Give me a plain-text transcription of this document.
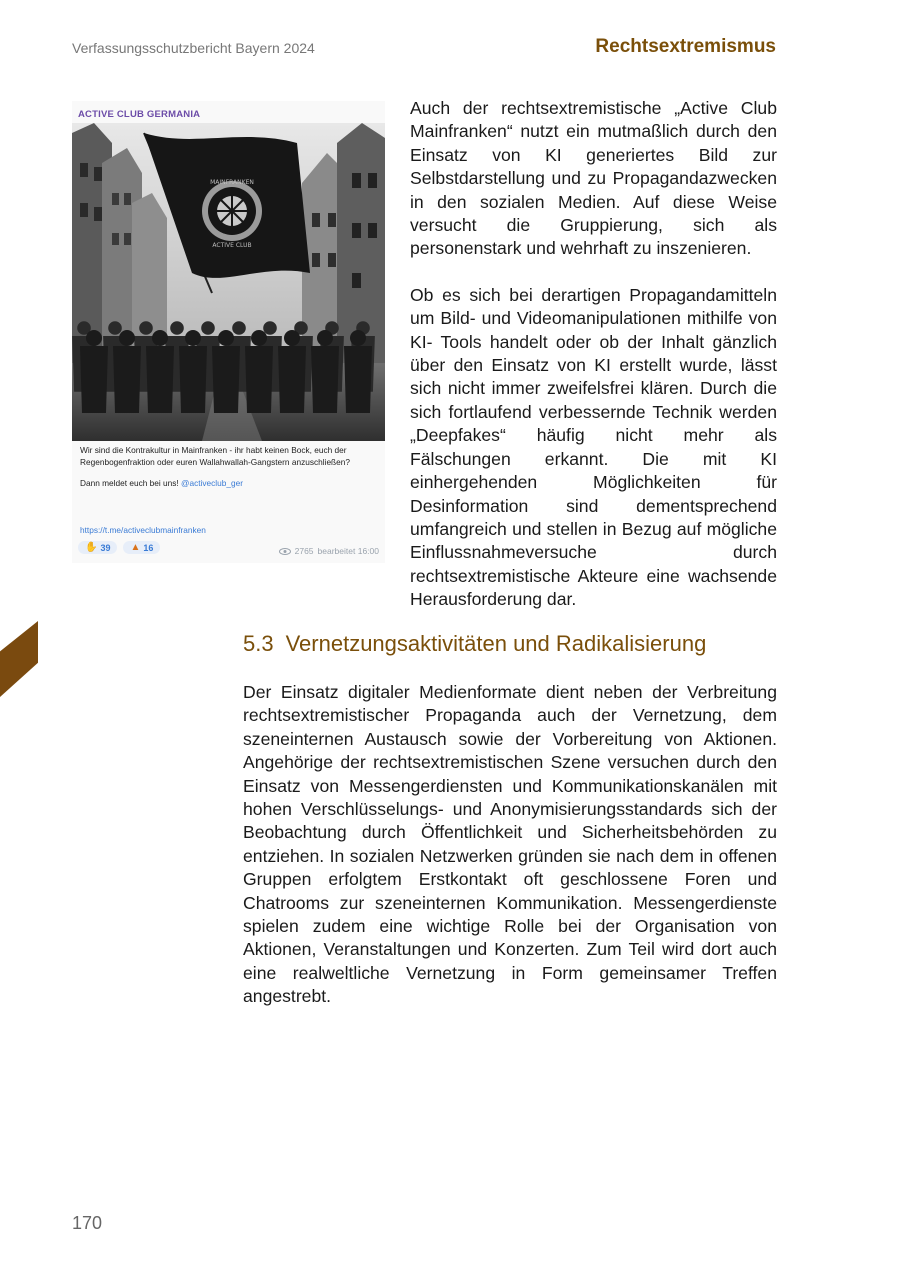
Verfassungsschutzbericht Bayern 2024	Rechtsextremismus
ACTIVE CLUB GERMANIA
MAINFRANKEN
ACTIVE CLUB

Wir sind die Kontrakultur in Mainfranken - ihr habt keinen Bock, euch der Regenbogenfraktion oder euren Wallahwallah-Gangstern anzuschließen?

Dann meldet euch bei uns! @activeclub_ger

https://t.me/activeclubmainfranken
✋ 39 ▲ 16	2765 bearbeitet 16:00

Auch der rechtsextremistische „Active Club Mainfranken“ nutzt ein mutmaßlich durch den Einsatz von KI generiertes Bild zur Selbstdarstellung und zu Propagandazwecken in den sozialen Medien. Auf diese Weise versucht die Gruppierung, sich als personenstark und wehrhaft zu inszenieren.

Ob es sich bei derartigen Propagandamitteln um Bild- und Videomanipulationen mithilfe von KI- Tools handelt oder ob der Inhalt gänzlich über den Einsatz von KI erstellt wurde, lässt sich nicht immer zweifelsfrei klären. Durch die sich fortlaufend verbessernde Technik werden „Deepfakes“ häufig nicht mehr als Fälschungen erkannt. Die mit KI einhergehenden Möglichkeiten für Desinformation sind dementsprechend umfangreich und stellen in Bezug auf mögliche Einflussnahmeversuche durch rechtsextremistische Akteure eine wachsende Herausforderung dar.

5.3 Vernetzungsaktivitäten und Radikalisierung

Der Einsatz digitaler Medienformate dient neben der Verbreitung rechtsextremistischer Propaganda auch der Vernetzung, dem szeneinternen Austausch sowie der Vorbereitung von Aktionen. Angehörige der rechtsextremistischen Szene versuchen durch den Einsatz von Messengerdiensten und Kommunikationskanälen mit hohen Verschlüsselungs- und Anonymisierungsstandards sich der Beobachtung durch Öffentlichkeit und Sicherheitsbehörden zu entziehen. In sozialen Netzwerken gründen sie nach dem in offenen Gruppen erfolgtem Erstkontakt oft geschlossene Foren und Chatrooms zur szeneinternen Kommunikation. Messengerdienste spielen zudem eine wichtige Rolle bei der Organisation von Aktionen, Veranstaltungen und Konzerten. Zum Teil wird dort auch eine realweltliche Vernetzung in Form gemeinsamer Treffen angestrebt.

170
